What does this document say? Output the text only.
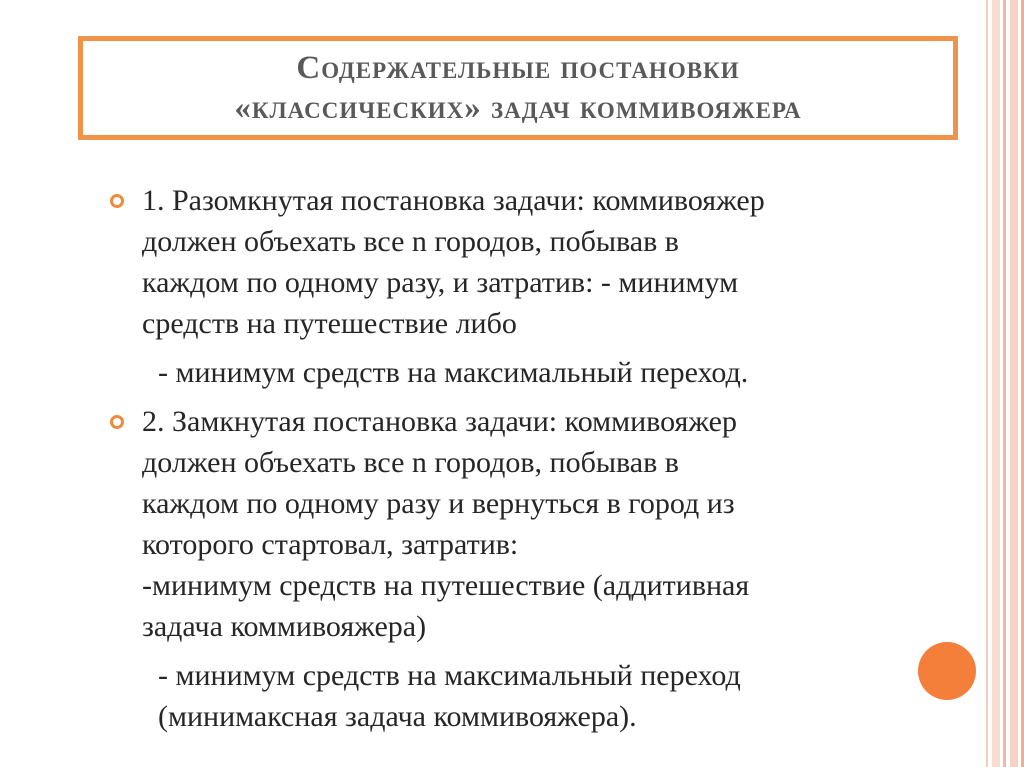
Содержательные постановки
«классических» задач коммивояжера
1. Разомкнутая постановка задачи: коммивояжер
должен объехать все n городов, побывав в
каждом по одному разу, и затратив: - минимум
средств на путешествие либо
- минимум средств на максимальный переход.
2. Замкнутая постановка задачи: коммивояжер
должен объехать все n городов, побывав в
каждом по одному разу и вернуться в город из
которого стартовал, затратив:
-минимум средств на путешествие (аддитивная
задача коммивояжера)
- минимум средств на максимальный переход
(минимаксная задача коммивояжера).
